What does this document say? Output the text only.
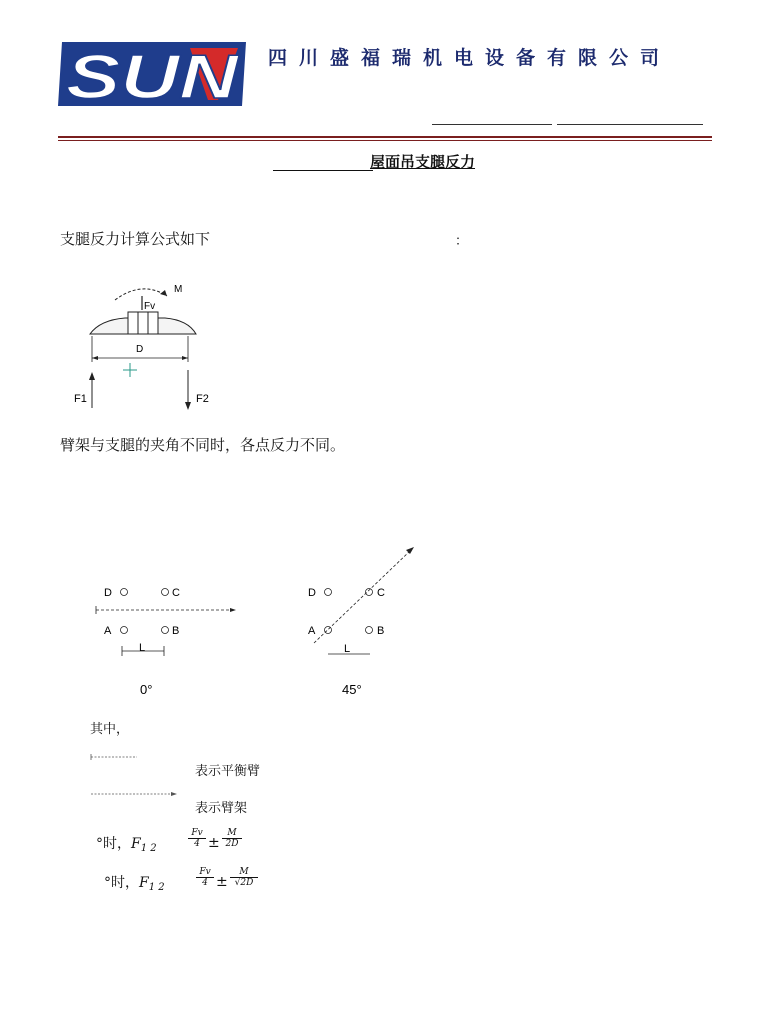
SUN 四川盛福瑞机电设备有限公司
屋面吊支腿反力
支腿反力计算公式如下	：
M
Fv
D
F1	F2
臂架与支腿的夹角不同时，各点反力不同。
D	C
A	B
L
0°
D	C
A	B
L
45°
其中，
表示平衡臂
表示臂架
°时，$F_{1 2}$	$\frac{Fv}{4} \pm \frac{M}{2D}$
°时，$F_{1 2}$	$\frac{Fv}{4} \pm \frac{M}{√2D}$
